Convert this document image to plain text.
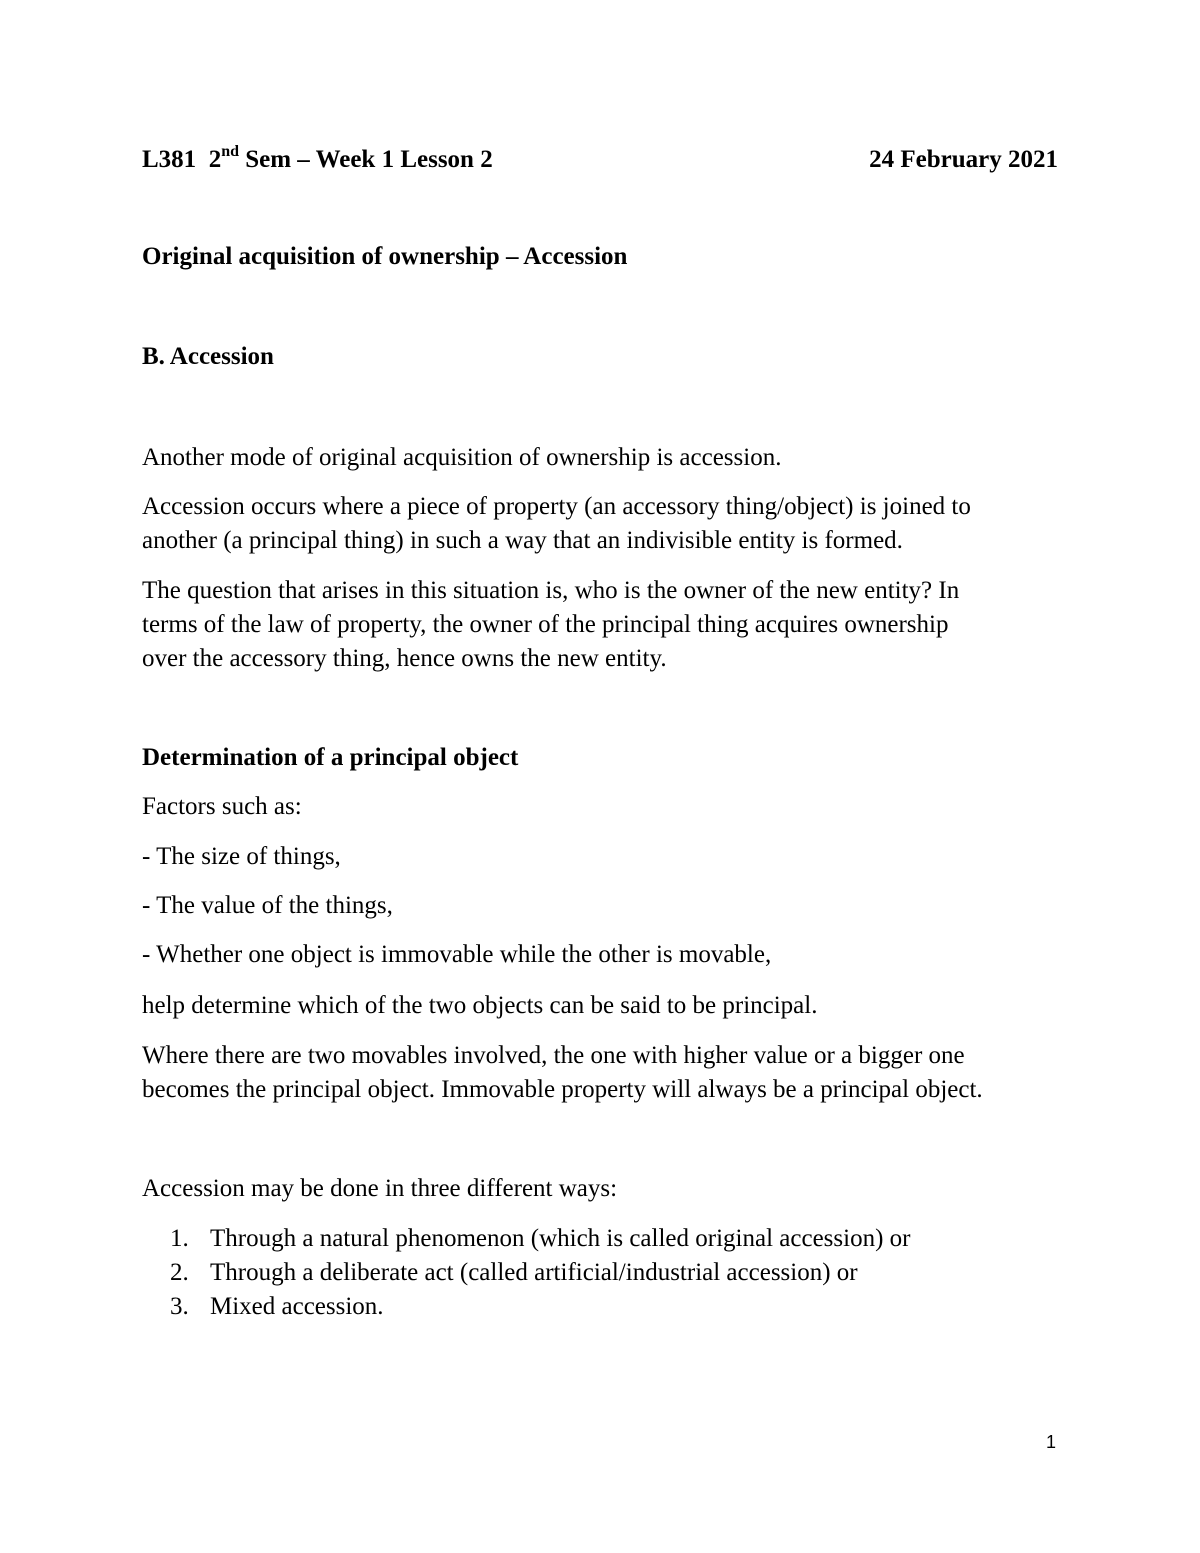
L381 2nd Sem – Week 1 Lesson 2	24 February 2021

Original acquisition of ownership – Accession

B. Accession

Another mode of original acquisition of ownership is accession.

Accession occurs where a piece of property (an accessory thing/object) is joined to

another (a principal thing) in such a way that an indivisible entity is formed.

The question that arises in this situation is, who is the owner of the new entity? In

terms of the law of property, the owner of the principal thing acquires ownership

over the accessory thing, hence owns the new entity.

Determination of a principal object

Factors such as:

- The size of things,

- The value of the things,

- Whether one object is immovable while the other is movable,

help determine which of the two objects can be said to be principal.

Where there are two movables involved, the one with higher value or a bigger one

becomes the principal object. Immovable property will always be a principal object.

Accession may be done in three different ways:

1. Through a natural phenomenon (which is called original accession) or
2. Through a deliberate act (called artificial/industrial accession) or
3. Mixed accession.
1
